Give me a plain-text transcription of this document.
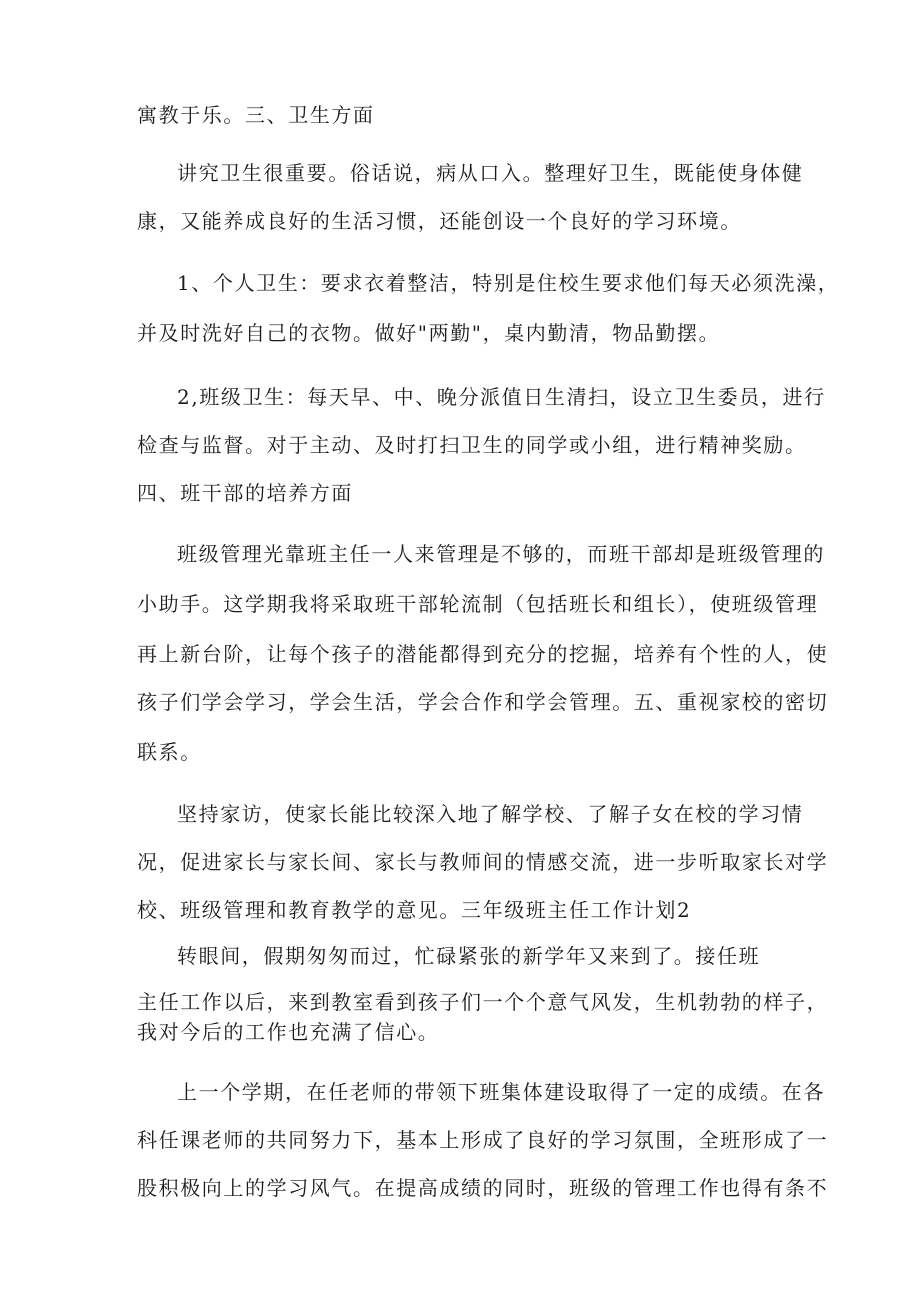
寓教于乐。三、卫生方面
讲究卫生很重要。俗话说，病从口入。整理好卫生，既能使身体健
康，又能养成良好的生活习惯，还能创设一个良好的学习环境。
1、个人卫生：要求衣着整洁，特别是住校生要求他们每天必须洗澡，
并及时洗好自己的衣物。做好"两勤"，桌内勤清，物品勤摆。
2,班级卫生：每天早、中、晚分派值日生清扫，设立卫生委员，进行
检查与监督。对于主动、及时打扫卫生的同学或小组，进行精神奖励。
四、班干部的培养方面
班级管理光靠班主任一人来管理是不够的，而班干部却是班级管理的
小助手。这学期我将采取班干部轮流制（包括班长和组长），使班级管理
再上新台阶，让每个孩子的潜能都得到充分的挖掘，培养有个性的人，使
孩子们学会学习，学会生活，学会合作和学会管理。五、重视家校的密切
联系。
坚持家访，使家长能比较深入地了解学校、了解子女在校的学习情
况，促进家长与家长间、家长与教师间的情感交流，进一步听取家长对学
校、班级管理和教育教学的意见。三年级班主任工作计划2
转眼间，假期匆匆而过，忙碌紧张的新学年又来到了。接任班
主任工作以后，来到教室看到孩子们一个个意气风发，生机勃勃的样子，
我对今后的工作也充满了信心。
上一个学期，在任老师的带领下班集体建设取得了一定的成绩。在各
科任课老师的共同努力下，基本上形成了良好的学习氛围，全班形成了一
股积极向上的学习风气。在提高成绩的同时，班级的管理工作也得有条不
